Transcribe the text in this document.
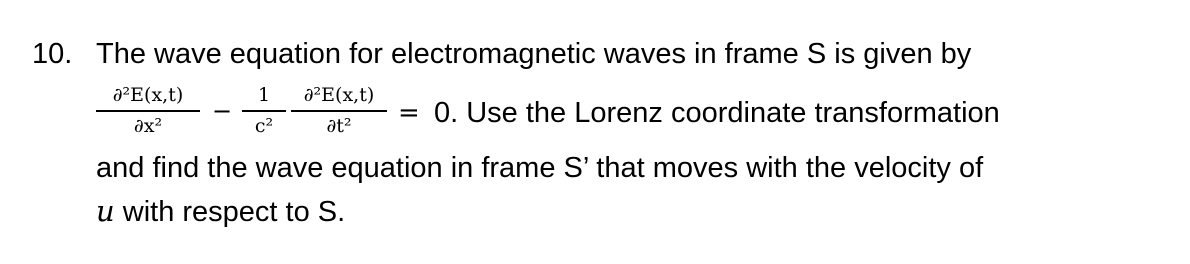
10. The wave equation for electromagnetic waves in frame S is given by
∂²E(x,t)
∂x²
−
1
c²
∂²E(x,t)
∂t² = 0. Use the Lorenz coordinate transformation
and find the wave equation in frame S’ that moves with the velocity of
u with respect to S.
